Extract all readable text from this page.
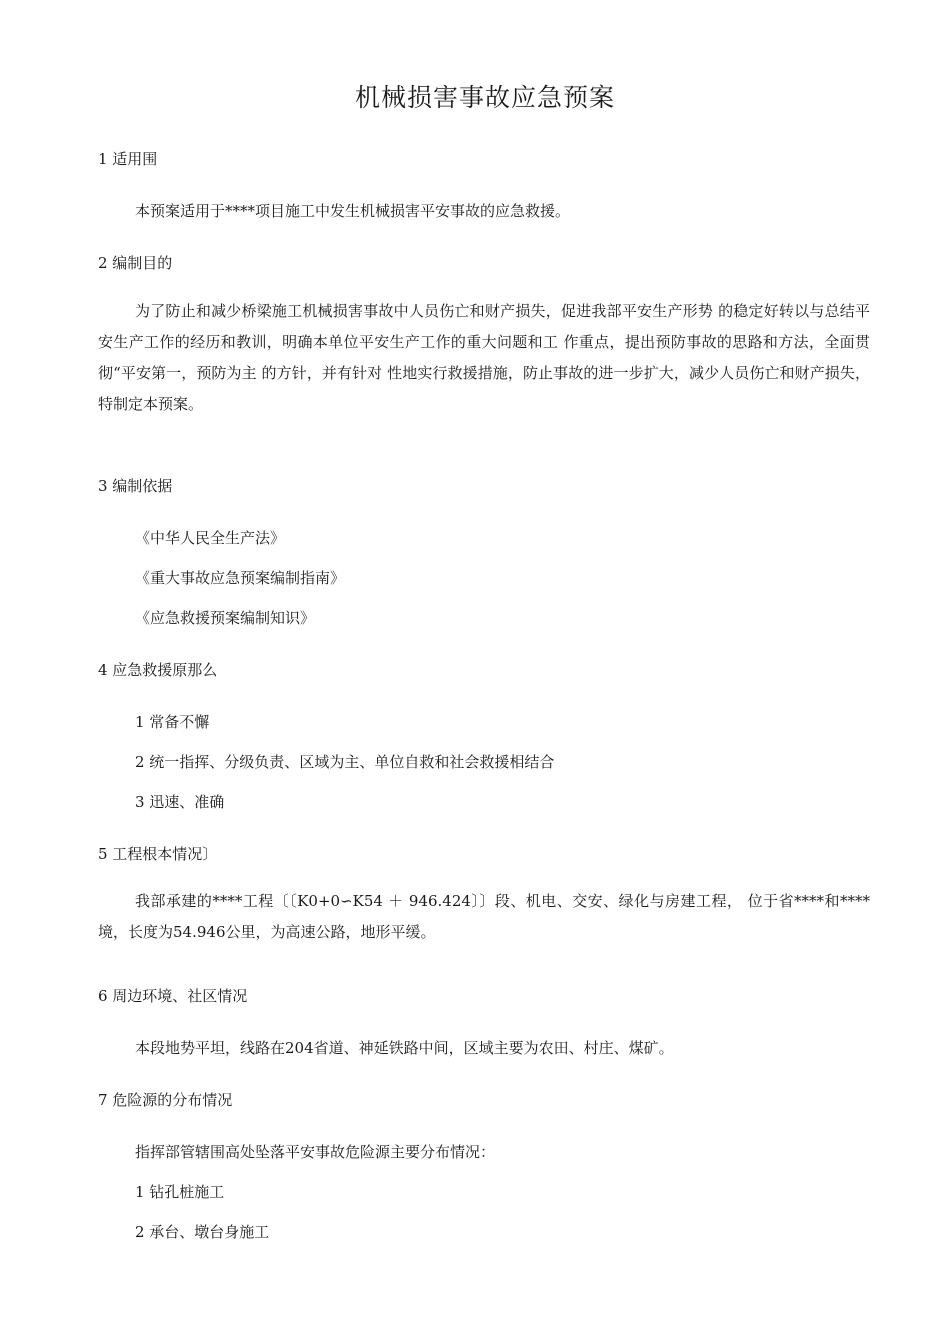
机械损害事故应急预案

1 适用围

本预案适用于****项目施工中发生机械损害平安事故的应急救援。

2 编制目的

为了防止和减少桥梁施工机械损害事故中人员伤亡和财产损失，促进我部平安生产形势 的稳定好转以与总结平安生产工作的经历和教训，明确本单位平安生产工作的重大问题和工 作重点，提出预防事故的思路和方法，全面贯彻“平安第一，预防为主 的方针，并有针对 性地实行救援措施，防止事故的进一步扩大，减少人员伤亡和财产损失，特制定本预案。

3 编制依据

《中华人民全生产法》

《重大事故应急预案编制指南》

《应急救援预案编制知识》

4 应急救援原那么

1 常备不懈

2 统一指挥、分级负责、区域为主、单位自救和社会救援相结合

3 迅速、准确

5 工程根本情况〕

我部承建的****工程〔〔K0+0∽K54 ＋ 946.424〕〕段、机电、交安、绿化与房建工程， 位于省****和****境，长度为54.946公里，为高速公路，地形平缓。

6 周边环境、社区情况

本段地势平坦，线路在204省道、神延铁路中间，区域主要为农田、村庄、煤矿。

7 危险源的分布情况

指挥部管辖围高处坠落平安事故危险源主要分布情况：

1 钻孔桩施工

2 承台、墩台身施工
